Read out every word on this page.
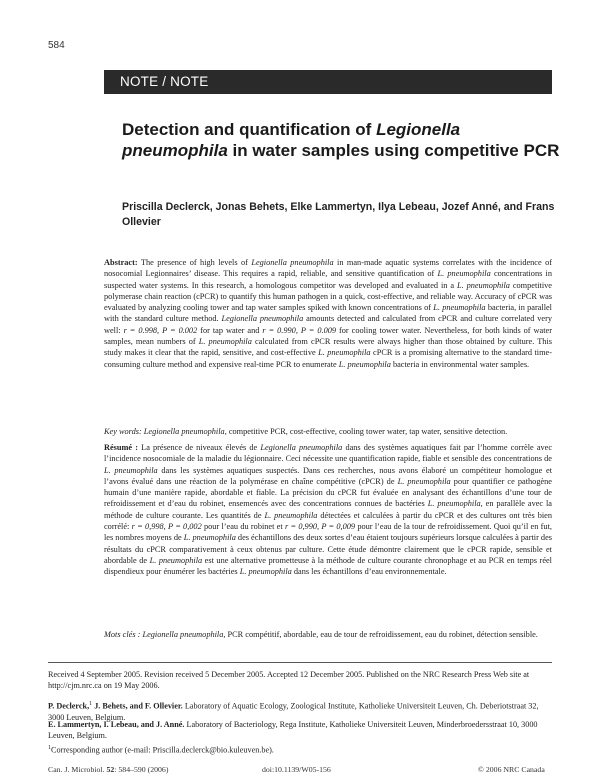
584
NOTE / NOTE
Detection and quantification of Legionella pneumophila in water samples using competitive PCR
Priscilla Declerck, Jonas Behets, Elke Lammertyn, Ilya Lebeau, Jozef Anné, and Frans Ollevier
Abstract: The presence of high levels of Legionella pneumophila in man-made aquatic systems correlates with the incidence of nosocomial Legionnaires’ disease. This requires a rapid, reliable, and sensitive quantification of L. pneumophila concentrations in suspected water systems. In this research, a homologous competitor was developed and evaluated in a L. pneumophila competitive polymerase chain reaction (cPCR) to quantify this human pathogen in a quick, cost-effective, and reliable way. Accuracy of cPCR was evaluated by analyzing cooling tower and tap water samples spiked with known concentrations of L. pneumophila bacteria, in parallel with the standard culture method. Legionella pneumophila amounts detected and calculated from cPCR and culture correlated very well: r = 0.998, P = 0.002 for tap water and r = 0.990, P = 0.009 for cooling tower water. Nevertheless, for both kinds of water samples, mean numbers of L. pneumophila calculated from cPCR results were always higher than those obtained by culture. This study makes it clear that the rapid, sensitive, and cost-effective L. pneumophila cPCR is a promising alternative to the standard time-consuming culture method and expensive real-time PCR to enumerate L. pneumophila bacteria in environmental water samples.
Key words: Legionella pneumophila, competitive PCR, cost-effective, cooling tower water, tap water, sensitive detection.
Résumé : La présence de niveaux élevés de Legionella pneumophila dans des systèmes aquatiques fait par l’homme corrèle avec l’incidence nosocomiale de la maladie du légionnaire. Ceci nécessite une quantification rapide, fiable et sensible des concentrations de L. pneumophila dans les systèmes aquatiques suspectés. Dans ces recherches, nous avons élaboré un compétiteur homologue et l’avons évalué dans une réaction de la polymérase en chaîne compétitive (cPCR) de L. pneumophila pour quantifier ce pathogène humain d’une manière rapide, abordable et fiable. La précision du cPCR fut évaluée en analysant des échantillons d’une tour de refroidissement et d’eau du robinet, ensemencés avec des concentrations connues de bactéries L. pneumophila, en parallèle avec la méthode de culture courante. Les quantités de L. pneumophila détectées et calculées à partir du cPCR et des cultures ont très bien corrélé: r = 0,998, P = 0,002 pour l’eau du robinet et r = 0,990, P = 0,009 pour l’eau de la tour de refroidissement. Quoi qu’il en fut, les nombres moyens de L. pneumophila des échantillons des deux sortes d’eau étaient toujours supérieurs lorsque calculées à partir des résultats du cPCR comparativement à ceux obtenus par culture. Cette étude démontre clairement que le cPCR rapide, sensible et abordable de L. pneumophila est une alternative prometteuse à la méthode de culture courante chronophage et au PCR en temps réel dispendieux pour énumérer les bactéries L. pneumophila dans les échantillons d’eau environnementale.
Mots clés : Legionella pneumophila, PCR compétitif, abordable, eau de tour de refroidissement, eau du robinet, détection sensible.
Received 4 September 2005. Revision received 5 December 2005. Accepted 12 December 2005. Published on the NRC Research Press Web site at http://cjm.nrc.ca on 19 May 2006.
P. Declerck,$^1$ J. Behets, and F. Ollevier. Laboratory of Aquatic Ecology, Zoological Institute, Katholieke Universiteit Leuven, Ch. Deberiotstraat 32, 3000 Leuven, Belgium.
E. Lammertyn, I. Lebeau, and J. Anné. Laboratory of Bacteriology, Rega Institute, Katholieke Universiteit Leuven, Minderbroedersstraat 10, 3000 Leuven, Belgium.
$^1$Corresponding author (e-mail: Priscilla.declerck@bio.kuleuven.be).
Can. J. Microbiol. 52: 584–590 (2006)	doi:10.1139/W05-156	© 2006 NRC Canada
